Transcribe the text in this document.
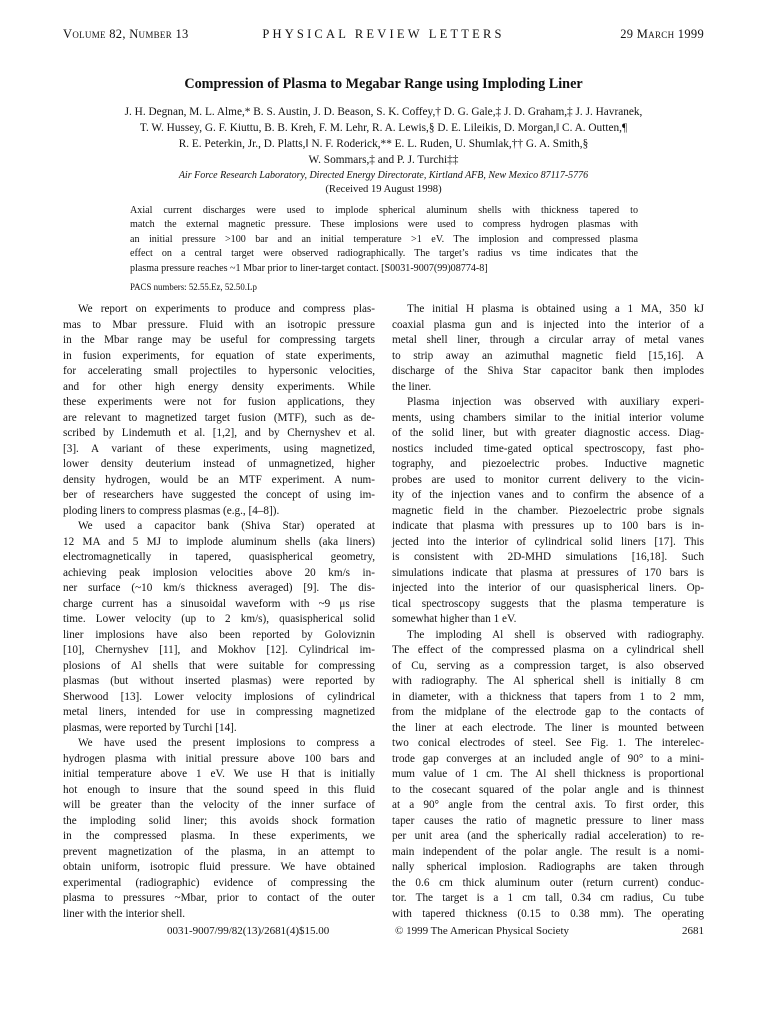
Volume 82, Number 13	PHYSICAL REVIEW LETTERS	29 March 1999
Compression of Plasma to Megabar Range using Imploding Liner
J. H. Degnan, M. L. Alme,* B. S. Austin, J. D. Beason, S. K. Coffey,† D. G. Gale,‡ J. D. Graham,‡ J. J. Havranek,
T. W. Hussey, G. F. Kiuttu, B. B. Kreh, F. M. Lehr, R. A. Lewis,§ D. E. Lileikis, D. Morgan,‖ C. A. Outten,¶
R. E. Peterkin, Jr., D. Platts,‖ N. F. Roderick,** E. L. Ruden, U. Shumlak,†† G. A. Smith,§
W. Sommars,‡ and P. J. Turchi‡‡
Air Force Research Laboratory, Directed Energy Directorate, Kirtland AFB, New Mexico 87117-5776
(Received 19 August 1998)
Axial current discharges were used to implode spherical aluminum shells with thickness tapered to
match the external magnetic pressure. These implosions were used to compress hydrogen plasmas with
an initial pressure >100 bar and an initial temperature >1 eV. The implosion and compressed plasma
effect on a central target were observed radiographically. The target’s radius vs time indicates that the
plasma pressure reaches ~1 Mbar prior to liner-target contact. [S0031-9007(99)08774-8]
PACS numbers: 52.55.Ez, 52.50.Lp
We report on experiments to produce and compress plas-
mas to Mbar pressure. Fluid with an isotropic pressure
in the Mbar range may be useful for compressing targets
in fusion experiments, for equation of state experiments,
for accelerating small projectiles to hypersonic velocities,
and for other high energy density experiments. While
these experiments were not for fusion applications, they
are relevant to magnetized target fusion (MTF), such as de-
scribed by Lindemuth et al. [1,2], and by Chernyshev et al.
[3]. A variant of these experiments, using magnetized,
lower density deuterium instead of unmagnetized, higher
density hydrogen, would be an MTF experiment. A num-
ber of researchers have suggested the concept of using im-
ploding liners to compress plasmas (e.g., [4–8]).
We used a capacitor bank (Shiva Star) operated at
12 MA and 5 MJ to implode aluminum shells (aka liners)
electromagnetically in tapered, quasispherical geometry,
achieving peak implosion velocities above 20 km/s in-
ner surface (~10 km/s thickness averaged) [9]. The dis-
charge current has a sinusoidal waveform with ~9 μs rise
time. Lower velocity (up to 2 km/s), quasispherical solid
liner implosions have also been reported by Goloviznin
[10], Chernyshev [11], and Mokhov [12]. Cylindrical im-
plosions of Al shells that were suitable for compressing
plasmas (but without inserted plasmas) were reported by
Sherwood [13]. Lower velocity implosions of cylindrical
metal liners, intended for use in compressing magnetized
plasmas, were reported by Turchi [14].
We have used the present implosions to compress a
hydrogen plasma with initial pressure above 100 bars and
initial temperature above 1 eV. We use H that is initially
hot enough to insure that the sound speed in this fluid
will be greater than the velocity of the inner surface of
the imploding solid liner; this avoids shock formation
in the compressed plasma. In these experiments, we
prevent magnetization of the plasma, in an attempt to
obtain uniform, isotropic fluid pressure. We have obtained
experimental (radiographic) evidence of compressing the
plasma to pressures ~Mbar, prior to contact of the outer
liner with the interior shell.
The initial H plasma is obtained using a 1 MA, 350 kJ
coaxial plasma gun and is injected into the interior of a
metal shell liner, through a circular array of metal vanes
to strip away an azimuthal magnetic field [15,16]. A
discharge of the Shiva Star capacitor bank then implodes
the liner.
Plasma injection was observed with auxiliary experi-
ments, using chambers similar to the initial interior volume
of the solid liner, but with greater diagnostic access. Diag-
nostics included time-gated optical spectroscopy, fast pho-
tography, and piezoelectric probes. Inductive magnetic
probes are used to monitor current delivery to the vicin-
ity of the injection vanes and to confirm the absence of a
magnetic field in the chamber. Piezoelectric probe signals
indicate that plasma with pressures up to 100 bars is in-
jected into the interior of cylindrical solid liners [17]. This
is consistent with 2D-MHD simulations [16,18]. Such
simulations indicate that plasma at pressures of 170 bars is
injected into the interior of our quasispherical liners. Op-
tical spectroscopy suggests that the plasma temperature is
somewhat higher than 1 eV.
The imploding Al shell is observed with radiography.
The effect of the compressed plasma on a cylindrical shell
of Cu, serving as a compression target, is also observed
with radiography. The Al spherical shell is initially 8 cm
in diameter, with a thickness that tapers from 1 to 2 mm,
from the midplane of the electrode gap to the contacts of
the liner at each electrode. The liner is mounted between
two conical electrodes of steel. See Fig. 1. The interelec-
trode gap converges at an included angle of 90° to a mini-
mum value of 1 cm. The Al shell thickness is proportional
to the cosecant squared of the polar angle and is thinnest
at a 90° angle from the central axis. To first order, this
taper causes the ratio of magnetic pressure to liner mass
per unit area (and the spherically radial acceleration) to re-
main independent of the polar angle. The result is a nomi-
nally spherical implosion. Radiographs are taken through
the 0.6 cm thick aluminum outer (return current) conduc-
tor. The target is a 1 cm tall, 0.34 cm radius, Cu tube
with tapered thickness (0.15 to 0.38 mm). The operating
0031-9007/99/82(13)/2681(4)$15.00	© 1999 The American Physical Society	2681
